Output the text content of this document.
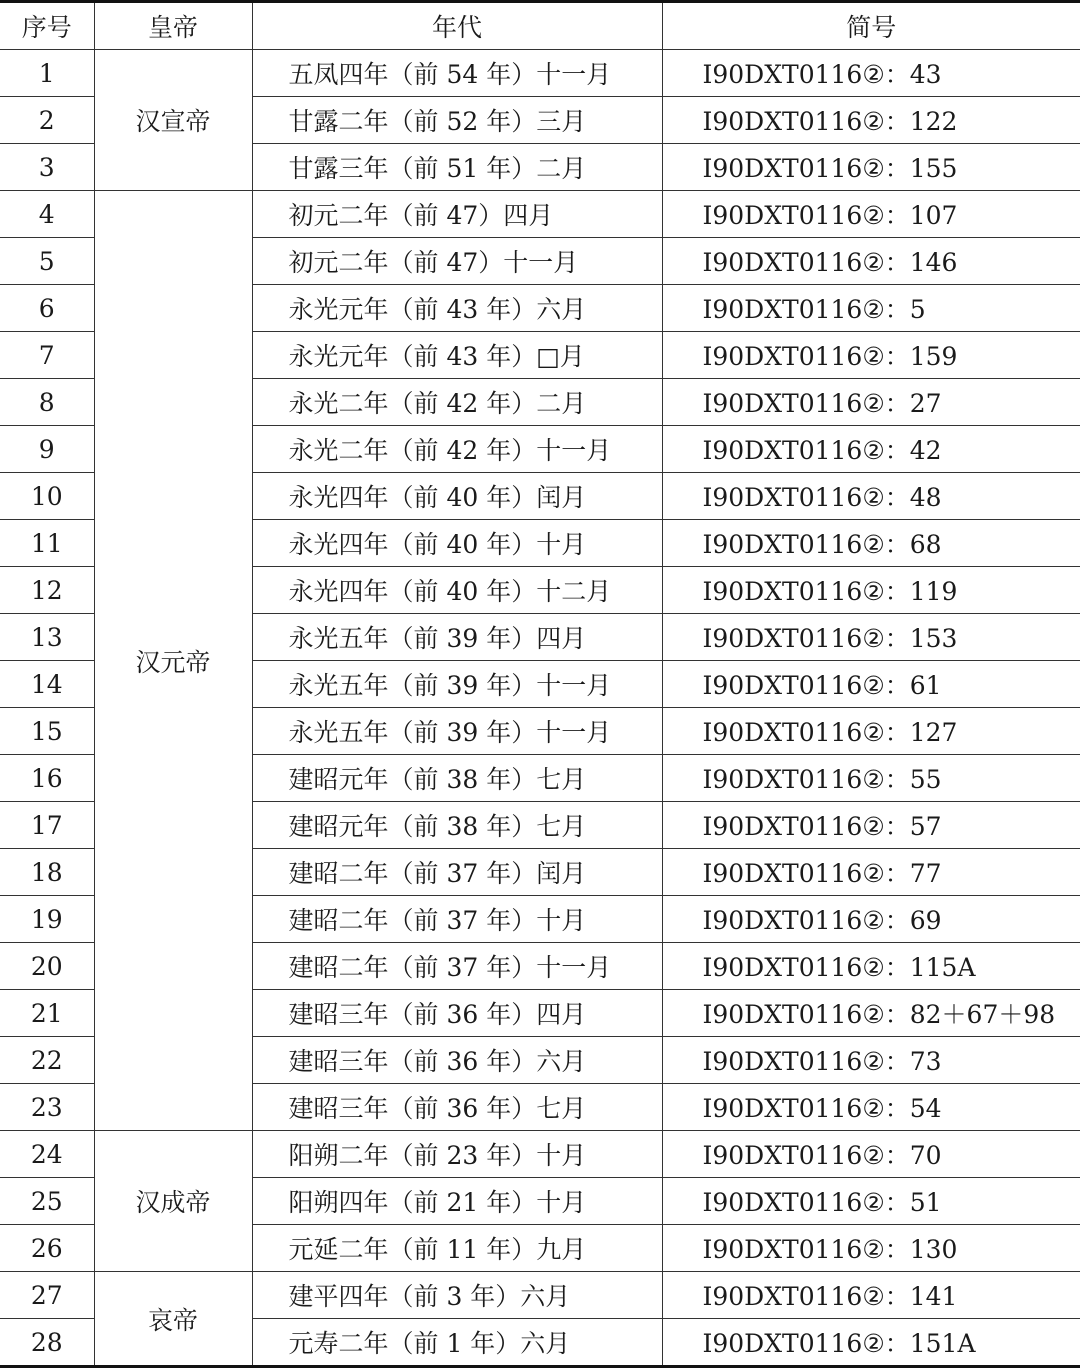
序号	皇帝	年代	简号
1	汉宣帝	五凤四年（前 54 年）十一月	Ⅰ90DXT0116②：43
2		甘露二年（前 52 年）三月	Ⅰ90DXT0116②：122
3		甘露三年（前 51 年）二月	Ⅰ90DXT0116②：155
4	汉元帝	初元二年（前 47）四月	Ⅰ90DXT0116②：107
5		初元二年（前 47）十一月	Ⅰ90DXT0116②：146
6		永光元年（前 43 年）六月	Ⅰ90DXT0116②：5
7		永光元年（前 43 年）□月	Ⅰ90DXT0116②：159
8		永光二年（前 42 年）二月	Ⅰ90DXT0116②：27
9		永光二年（前 42 年）十一月	Ⅰ90DXT0116②：42
10		永光四年（前 40 年）闰月	Ⅰ90DXT0116②：48
11		永光四年（前 40 年）十月	Ⅰ90DXT0116②：68
12		永光四年（前 40 年）十二月	Ⅰ90DXT0116②：119
13		永光五年（前 39 年）四月	Ⅰ90DXT0116②：153
14		永光五年（前 39 年）十一月	Ⅰ90DXT0116②：61
15		永光五年（前 39 年）十一月	Ⅰ90DXT0116②：127
16		建昭元年（前 38 年）七月	Ⅰ90DXT0116②：55
17		建昭元年（前 38 年）七月	Ⅰ90DXT0116②：57
18		建昭二年（前 37 年）闰月	Ⅰ90DXT0116②：77
19		建昭二年（前 37 年）十月	Ⅰ90DXT0116②：69
20		建昭二年（前 37 年）十一月	Ⅰ90DXT0116②：115A
21		建昭三年（前 36 年）四月	Ⅰ90DXT0116②：82＋67＋98
22		建昭三年（前 36 年）六月	Ⅰ90DXT0116②：73
23		建昭三年（前 36 年）七月	Ⅰ90DXT0116②：54
24	汉成帝	阳朔二年（前 23 年）十月	Ⅰ90DXT0116②：70
25		阳朔四年（前 21 年）十月	Ⅰ90DXT0116②：51
26		元延二年（前 11 年）九月	Ⅰ90DXT0116②：130
27	哀帝	建平四年（前 3 年）六月	Ⅰ90DXT0116②：141
28		元寿二年（前 1 年）六月	Ⅰ90DXT0116②：151A
